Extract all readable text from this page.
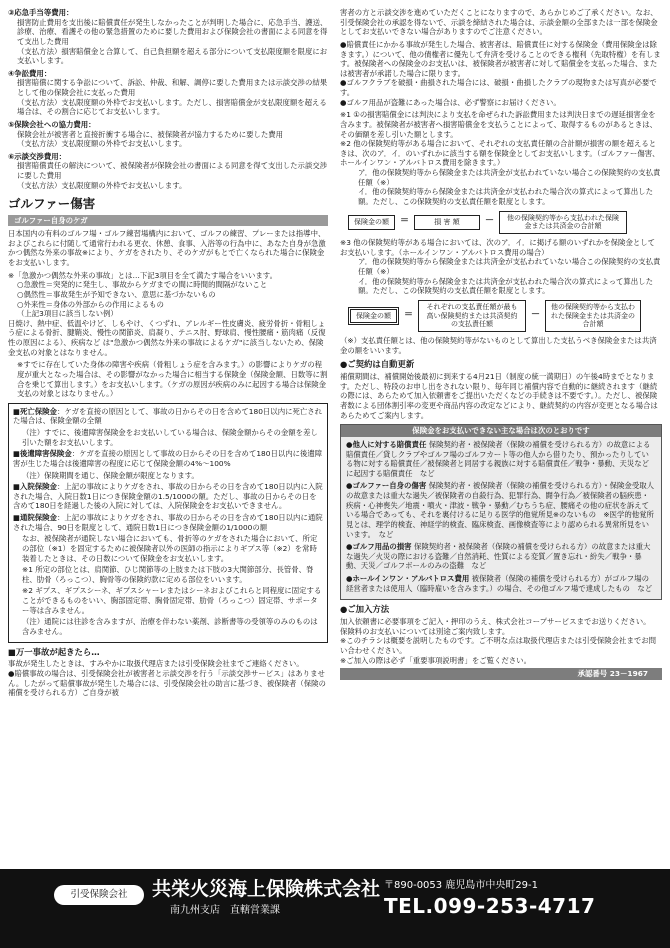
③応急手当等費用：
損害防止費用を支出後に賠償責任が発生しなかったことが判明した場合に、応急手当、護送、診療、治療、看護その他の緊急措置のために要した費用および保険会社の書面による同意を得て支出した費用
（支払方法）損害賠償金と合算して、自己負担額を超える部分について支払限度額を限度にお支払いします。
④争訟費用：
損害賠償に関する争訟について、訴訟、仲裁、和解、調停に要した費用または示談交渉の結果として他の保険会社に支払った費用
（支払方法）支払限度額の外枠でお支払いします。ただし、損害賠償金が支払限度額を超える場合は、その割合に応じてお支払いします。
⑤保険会社への協力費用：
保険会社が被害者と直接折衝する場合に、被保険者が協力するために要した費用
（支払方法）支払限度額の外枠でお支払いします。
⑥示談交渉費用：
損害賠償責任の解決について、被保険者が保険会社の書面による同意を得て支出した示談交渉に要した費用
（支払方法）支払限度額の外枠でお支払いします。
ゴルファー傷害
ゴルファー自身のケガ
日本国内の有料のゴルフ場・ゴルフ練習場構内において、ゴルフの練習、プレーまたは指導中、およびこれらに付随して通常行われる更衣、休憩、食事、入浴等の行為中に、あなた自身が急激かつ偶然な外来の事故※により、ケガをされたり、そのケガがもとで亡くなられた場合に保険金をお支払いします。
※「急激かつ偶然な外来の事故」とは…下記3項目を全て満たす場合をいいます。
○急激性＝突発的に発生し、事故からケガまでの間に時間的間隔がないこと
○偶然性＝事故発生が予知できない、意思に基づかないもの
○外来性＝身体の外部からの作用によるもの
（上記3項目に該当しない例）
日焼け、熱中症、低温やけど、しもやけ、くつずれ、アレルギー性皮膚炎、疲労骨折・骨粗しょう症による骨折、腱鞘炎、慢性の関節炎、肩凝り、テニス肘、野球肩、慢性腰痛・筋肉痛（反復性の原因による）、疾病など は"急激かつ偶然な外来の事故によるケガ"に該当しないため、保険金支払の対象とはなりません。
※すでに存在していた身体の障害や疾病（骨粗しょう症を含みます。）の影響によりケガの程度が重大となった場合は、その影響がなかった場合に相当する保険金（保険金額、日数等に割合を乗じて算出します。）をお支払いします。（ケガの原因が疾病のみに起因する場合は保険金支払の対象とはなりません。）

■死亡保険金：ケガを直接の原因として、事故の日からその日を含めて180日以内に死亡された場合は、保険金額の全額

（注）すでに、後遺障害保険金をお支払いしている場合は、保険金額からその金額を差し引いた額をお支払いします。

■後遺障害保険金：ケガを直接の原因として事故の日からその日を含めて180日以内に後遺障害が生じた場合は後遺障害の程度に応じて保険金額の4%～100%

（注）保険期間を通じ、保険金額が限度となります。

■入院保険金：上記の事故によりケガをされ、事故の日からその日を含めて180日以内に入院された場合、入院日数1日につき保険金額の1.5/1000の額。ただし、事故の日からその日を含めて180日を経過した後の入院に対しては、入院保険金をお支払いできません。

■通院保険金：上記の事故によりケガをされ、事故の日からその日を含めて180日以内に通院された場合、90日を限度として、通院日数1日につき保険金額の1/1000の額

なお、被保険者が通院しない場合においても、骨折等のケガをされた場合において、所定の部位（※1）を固定するために被保険者以外の医師の指示によりギプス等（※2）を常時装着したときは、その日数について保険金をお支払いします。

※1 所定の部位とは、肩関節、ひじ関節等の上肢または下肢の3大関節部分、長管骨、脊柱、肋骨（ろっこつ）、胸骨等の保険約款に定める部位をいいます。

※2 ギプス、ギプスシーネ、ギプスシャーレまたはシーネおよびこれらと同程度に固定することができるものをいい、胸部固定帯、胸骨固定帯、肋骨（ろっこつ）固定帯、サポーター等は含みません。

（注）通院には往診を含みますが、治療を伴わない薬剤、診断書等の受領等のみのものは含みません。

■万一事故が起きたら…
事故が発生したときは、すみやかに取扱代理店または引受保険会社までご連絡ください。
●賠償事故の場合は、引受保険会社が被害者と示談交渉を行う「示談交渉サービス」はありません。したがって賠償事故が発生した場合には、引受保険会社の助言に基づき、被保険者（保険の補償を受けられる方）ご自身が被
害者の方と示談交渉を進めていただくことになりますので、あらかじめご了承ください。なお、引受保険会社の承認を得ないで、示談を締結された場合は、示談金額の全部または一部を保険金としてお支払いできない場合がありますのでご注意ください。
●賠償責任にかかる事故が発生した場合、被害者は、賠償責任に対する保険金（費用保険金は除きます。）について、他の債権者に優先して弁済を受けることのできる権利（先取特権）を有します。被保険者への保険金のお支払いは、被保険者が被害者に対して賠償金を支払った場合、または被害者が承諾した場合に限ります。
●ゴルフクラブを破損・曲損された場合には、破損・曲損したクラブの現物または写真が必要です。
●ゴルフ用品が盗難にあった場合は、必ず警察にお届けください。
※1 ①の損害賠償金には判決により支払を命ぜられた訴訟費用または判決日までの遅延損害金を含みます。被保険者が被害者へ損害賠償金を支払うことによって、取得するものがあるときは、その価額を差し引いた額とします。
※2 他の保険契約等がある場合において、それぞれの支払責任額の合計額が損害の額を超えるときは、次のア．イ．のいずれかに該当する額を保険金としてお支払いします。（ゴルファー傷害、ホールインワン・アルバトロス費用を除きます。）
ア．他の保険契約等から保険金または共済金が支払われていない場合この保険契約の支払責任額（※）
イ．他の保険契約等から保険金または共済金が支払われた場合次の算式によって算出した額。ただし、この保険契約の支払責任額を限度とします。
保険金の額	＝	損 害 額	－	他の保険契約等から支払われた保険金または共済金の合計額
※3 他の保険契約等がある場合においては、次のア．イ．に掲げる額のいずれかを保険金としてお支払いします。（ホールインワン・アルバトロス費用の場合）
ア．他の保険契約等から保険金または共済金が支払われていない場合この保険契約の支払責任額（※）
イ．他の保険契約等から保険金または共済金が支払われた場合次の算式によって算出した額。ただし、この保険契約の支払責任額を限度とします。
保険金の額	＝
それぞれの支払責任額が最も高い保険契約または共済契約の支払責任額
－
他の保険契約等から支払われた保険金または共済金の合計額
（※）支払責任額とは、他の保険契約等がないものとして算出した支払うべき保険金または共済金の額をいいます。
●ご契約は自動更新
補償期間は、補償開始後最初に到来する4月21日（制度の統一満期日）の午後4時までとなります。ただし、特段のお申し出をされない限り、毎年同じ補償内容で自動的に継続されます（継続の際には、あらためて加入依頼書をご提出いただくなどの手続きは不要です。）。ただし、被保険者数による団体割引率の変更や商品内容の改定などにより、継続契約の内容が変更となる場合はあらためてご案内します。
保険金をお支払いできない主な場合は次のとおりです
●他人に対する賠償責任 保険契約者・被保険者（保険の補償を受けられる方）の故意による賠償責任／貸しクラブやゴルフ場のゴルフカート等の他人から借りたり、預かったりしている物に対する賠償責任／被保険者と同居する親族に対する賠償責任／戦争・暴動、天災などに起因する賠償責任　など
●ゴルファー自身の傷害 保険契約者・被保険者（保険の補償を受けられる方）・保険金受取人の故意または重大な過失／被保険者の自殺行為、犯罪行為、闘争行為／被保険者の脳疾患・疾病・心神喪失／地震・噴火・津波・戦争・暴動／むちうち症、腰痛その他の症状を訴えている場合であっても、それを裏付けるに足りる医学的他覚所見※のないもの　※医学的他覚所見とは、理学的検査、神経学的検査、臨床検査、画像検査等により認められる異常所見をいいます。　など
●ゴルフ用品の損害 保険契約者・被保険者（保険の補償を受けられる方）の故意または重大な過失／火災の際における盗難／自然消耗、性質による変質／置き忘れ・紛失／戦争・暴動、天災／ゴルフボールのみの盗難　など
●ホールインワン・アルバトロス費用 被保険者（保険の補償を受けられる方）がゴルフ場の経営者または使用人（臨時雇いを含みます。）の場合、その他ゴルフ場で達成したもの　など
●ご加入方法
加入依頼書に必要事項をご記入・押印のうえ、株式会社コープサービスまでお送りください。
保険料のお支払いについては別途ご案内致します。
※このチラシは概要を説明したものです。ご不明な点は取扱代理店または引受保険会社までお問い合わせください。
※ご加入の際は必ず「重要事項説明書」をご覧ください。
承認番号 23－1967
引受保険会社	共栄火災海上保険株式会社
南九州支店　直轄営業課
〒890-0053 鹿児島市中央町29-1
TEL.099-253-4717
